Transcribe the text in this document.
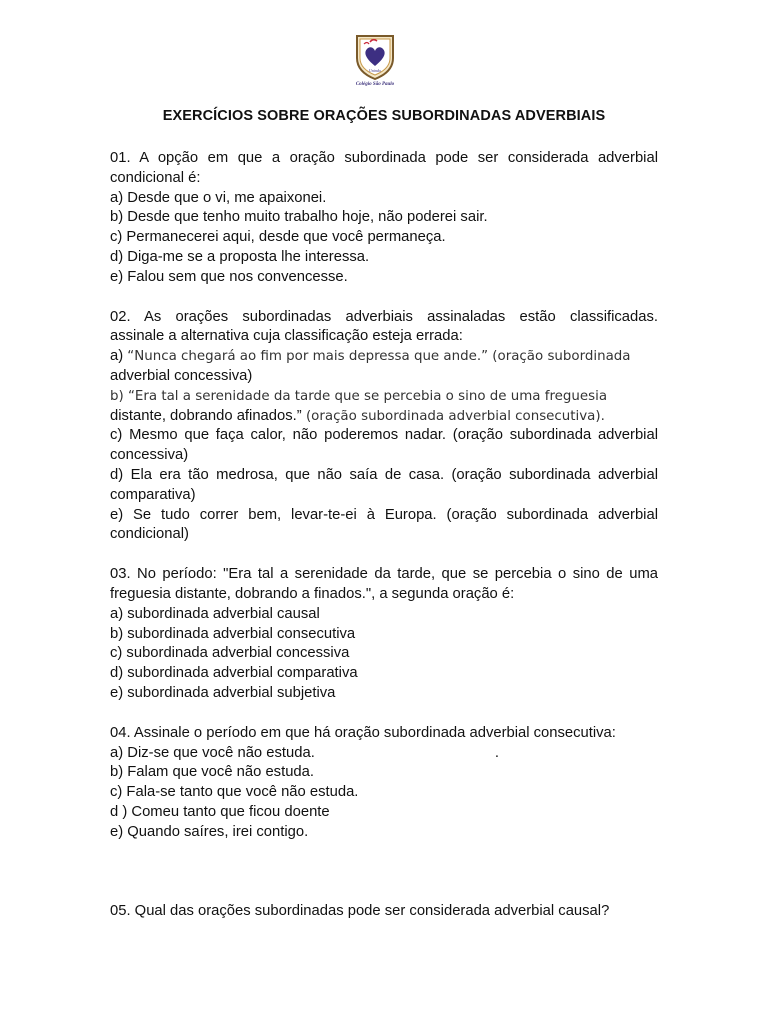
Unindo
Colégio São Paulo
EXERCÍCIOS SOBRE ORAÇÕES SUBORDINADAS ADVERBIAIS
01. A opção em que a oração subordinada pode ser considerada adverbial
condicional é:
a) Desde que o vi, me apaixonei.
b) Desde que tenho muito trabalho hoje, não poderei sair.
c) Permanecerei aqui, desde que você permaneça.
d) Diga-me se a proposta lhe interessa.
e) Falou sem que nos convencesse.
02. As orações subordinadas adverbiais assinaladas estão classificadas.
assinale a alternativa cuja classificação esteja errada:
a) “Nunca chegará ao fim por mais depressa que ande.” (oração subordinada
adverbial concessiva)
b) “Era tal a serenidade da tarde que se percebia o sino de uma freguesia
distante, dobrando afinados.” (oração subordinada adverbial consecutiva).
c) Mesmo que faça calor, não poderemos nadar. (oração subordinada adverbial
concessiva)
d) Ela era tão medrosa, que não saía de casa. (oração subordinada adverbial
comparativa)
e) Se tudo correr bem, levar-te-ei à Europa. (oração subordinada adverbial
condicional)
03. No período: "Era tal a serenidade da tarde, que se percebia o sino de uma
freguesia distante, dobrando a finados.", a segunda oração é:
a) subordinada adverbial causal
b) subordinada adverbial consecutiva
c) subordinada adverbial concessiva
d) subordinada adverbial comparativa
e) subordinada adverbial subjetiva
04. Assinale o período em que há oração subordinada adverbial consecutiva:
a) Diz-se que você não estuda.	.
b) Falam que você não estuda.
c) Fala-se tanto que você não estuda.
d ) Comeu tanto que ficou doente
e) Quando saíres, irei contigo.
05. Qual das orações subordinadas pode ser considerada adverbial causal?
